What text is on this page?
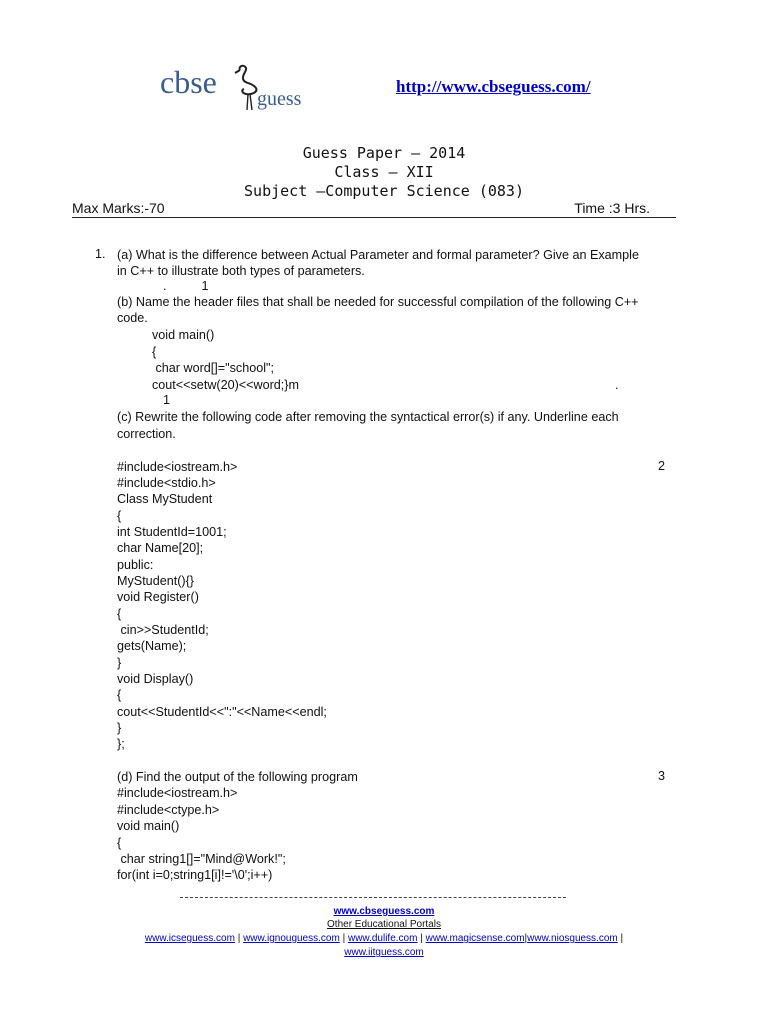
cbse guess
http://www.cbseguess.com/
Guess Paper – 2014
Class – XII
Subject –Computer Science (083)
Max Marks:-70	Time :3 Hrs.
1. (a) What is the difference between Actual Parameter and formal parameter? Give an Example
in C++ to illustrate both types of parameters.
.          1
(b) Name the header files that shall be needed for successful compilation of the following C++
code.
void main()
{
char word[]="school";
cout<<setw(20)<<word;}m	.
1
(c) Rewrite the following code after removing the syntactical error(s) if any. Underline each
correction.
2
#include<iostream.h>
#include<stdio.h>
Class MyStudent
{
int StudentId=1001;
char Name[20];
public:
MyStudent(){}
void Register()
{
cin>>StudentId;
gets(Name);
}
void Display()
{
cout<<StudentId<<":"<<Name<<endl;
}
};
(d) Find the output of the following program	3
#include<iostream.h>
#include<ctype.h>
void main()
{
char string1[]="Mind@Work!";
for(int i=0;string1[i]!='\0';i++)
www.cbseguess.com
Other Educational Portals
www.icseguess.com | www.ignouguess.com | www.dulife.com | www.magicsense.com|www.niosguess.com |
www.iitguess.com
